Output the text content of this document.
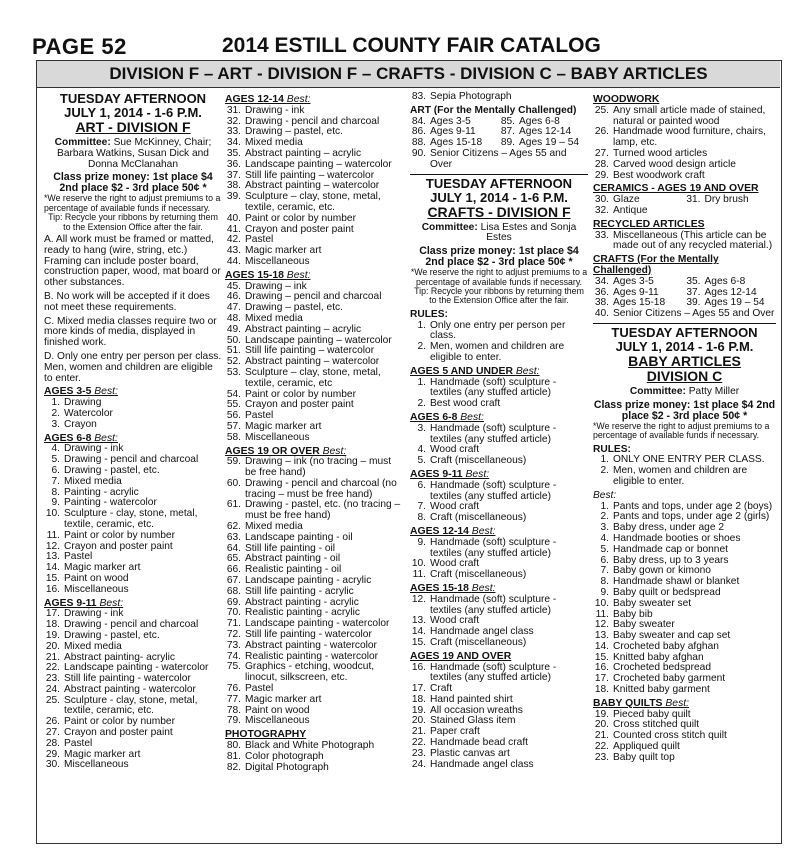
PAGE 52	2014 ESTILL COUNTY FAIR CATALOG
DIVISION F – ART - DIVISION F – CRAFTS - DIVISION C – BABY ARTICLES
TUESDAY AFTERNOON
JULY 1, 2014 - 1-6 P.M.
ART - DIVISION F
Committee: Sue McKinney, Chair; Barbara Watkins, Susan Dick and Donna McClanahan
Class prize money: 1st place $4 2nd place $2 - 3rd place 50¢ *
*We reserve the right to adjust premiums to a percentage of available funds if necessary.
Tip: Recycle your ribbons by returning them to the Extension Office after the fair.
A. All work must be framed or matted, ready to hang (wire, string, etc.) Framing can include poster board, construction paper, wood, mat board or other substances.
B. No work will be accepted if it does not meet these requirements.
C. Mixed media classes require two or more kinds of media, displayed in finished work.
D. Only one entry per person per class. Men, women and children are eligible to enter.
AGES 3-5 Best:
1. Drawing
2. Watercolor
3. Crayon
AGES 6-8 Best:
4. Drawing - ink
5. Drawing - pencil and charcoal
6. Drawing - pastel, etc.
7. Mixed media
8. Painting - acrylic
9. Painting - watercolor
10. Sculpture - clay, stone, metal, textile, ceramic, etc.
11. Paint or color by number
12. Crayon and poster paint
13. Pastel
14. Magic marker art
15. Paint on wood
16. Miscellaneous
AGES 9-11 Best:
17. Drawing - ink
18. Drawing - pencil and charcoal
19. Drawing - pastel, etc.
20. Mixed media
21. Abstract painting- acrylic
22. Landscape painting - watercolor
23. Still life painting - watercolor
24. Abstract painting - watercolor
25. Sculpture - clay, stone, metal, textile, ceramic, etc.
26. Paint or color by number
27. Crayon and poster paint
28. Pastel
29. Magic marker art
30. Miscellaneous
AGES 12-14 Best:
31. Drawing - ink
32. Drawing - pencil and charcoal
33. Drawing – pastel, etc.
34. Mixed media
35. Abstract painting – acrylic
36. Landscape painting – watercolor
37. Still life painting – watercolor
38. Abstract painting – watercolor
39. Sculpture – clay, stone, metal, textile, ceramic, etc.
40. Paint or color by number
41. Crayon and poster paint
42. Pastel
43. Magic marker art
44. Miscellaneous
AGES 15-18 Best:
45. Drawing – ink
46. Drawing – pencil and charcoal
47. Drawing – pastel, etc.
48. Mixed media
49. Abstract painting – acrylic
50. Landscape painting – watercolor
51. Still life painting – watercolor
52. Abstract painting – watercolor
53. Sculpture – clay, stone, metal, textile, ceramic, etc
54. Paint or color by number
55. Crayon and poster paint
56. Pastel
57. Magic marker art
58. Miscellaneous
AGES 19 OR OVER Best:
59. Drawing – ink (no tracing – must be free hand)
60. Drawing - pencil and charcoal (no tracing – must be free hand)
61. Drawing - pastel, etc. (no tracing – must be free hand)
62. Mixed media
63. Landscape painting - oil
64. Still life painting - oil
65. Abstract painting - oil
66. Realistic painting - oil
67. Landscape painting - acrylic
68. Still life painting - acrylic
69. Abstract painting - acrylic
70. Realistic painting - acrylic
71. Landscape painting - watercolor
72. Still life painting - watercolor
73. Abstract painting - watercolor
74. Realistic painting - watercolor
75. Graphics - etching, woodcut, linocut, silkscreen, etc.
76. Pastel
77. Magic marker art
78. Paint on wood
79. Miscellaneous
PHOTOGRAPHY
80. Black and White Photograph
81. Color photograph
82. Digital Photograph
83. Sepia Photograph
ART (For the Mentally Challenged)
84. Ages 3-5	85. Ages 6-8
86. Ages 9-11 87. Ages 12-14
88. Ages 15-18 89. Ages 19 – 54
90. Senior Citizens – Ages 55 and Over
TUESDAY AFTERNOON
JULY 1, 2014 - 1-6 P.M.
CRAFTS - DIVISION F
Committee: Lisa Estes and Sonja Estes
Class prize money: 1st place $4 2nd place $2 - 3rd place 50¢ *
*We reserve the right to adjust premiums to a percentage of available funds if necessary.
Tip: Recycle your ribbons by returning them to the Extension Office after the fair.
RULES:
1. Only one entry per person per class.
2. Men, women and children are eligible to enter.
AGES 5 AND UNDER Best:
1. Handmade (soft) sculpture - textiles (any stuffed article)
2. Best wood craft
AGES 6-8 Best:
3. Handmade (soft) sculpture - textiles (any stuffed article)
4. Wood craft
5. Craft (miscellaneous)
AGES 9-11 Best:
6. Handmade (soft) sculpture - textiles (any stuffed article)
7. Wood craft
8. Craft (miscellaneous)
AGES 12-14 Best:
9. Handmade (soft) sculpture - textiles (any stuffed article)
10. Wood craft
11. Craft (miscellaneous)
AGES 15-18 Best:
12. Handmade (soft) sculpture - textiles (any stuffed article)
13. Wood craft
14. Handmade angel class
15. Craft (miscellaneous)
AGES 19 AND OVER
16. Handmade (soft) sculpture - textiles (any stuffed article)
17. Craft
18. Hand painted shirt
19. All occasion wreaths
20. Stained Glass item
21. Paper craft
22. Handmade bead craft
23. Plastic canvas art
24. Handmade angel class
WOODWORK
25. Any small article made of stained, natural or painted wood
26. Handmade wood furniture, chairs, lamp, etc.
27. Turned wood articles
28. Carved wood design article
29. Best woodwork craft
CERAMICS - AGES 19 AND OVER
30. Glaze	31. Dry brush
32. Antique
RECYCLED ARTICLES
33. Miscellaneous (This article can be made out of any recycled material.)
CRAFTS (For the Mentally Challenged)
34. Ages 3-5	35. Ages 6-8
36. Ages 9-11	37. Ages 12-14
38. Ages 15-18 39. Ages 19 – 54
40. Senior Citizens – Ages 55 and Over
TUESDAY AFTERNOON
JULY 1, 2014 - 1-6 P.M.
BABY ARTICLES
DIVISION C
Committee: Patty Miller
Class prize money: 1st place $4 2nd place $2 - 3rd place 50¢ *
*We reserve the right to adjust premiums to a percentage of available funds if necessary.
RULES:
1. ONLY ONE ENTRY PER CLASS.
2. Men, women and children are eligible to enter.
Best:
1. Pants and tops, under age 2 (boys)
2. Pants and tops, under age 2 (girls)
3. Baby dress, under age 2
4. Handmade booties or shoes
5. Handmade cap or bonnet
6. Baby dress, up to 3 years
7. Baby gown or kimono
8. Handmade shawl or blanket
9. Baby quilt or bedspread
10. Baby sweater set
11. Baby bib
12. Baby sweater
13. Baby sweater and cap set
14. Crocheted baby afghan
15. Knitted baby afghan
16. Crocheted bedspread
17. Crocheted baby garment
18. Knitted baby garment
BABY QUILTS Best:
19. Pieced baby quilt
20. Cross stitched quilt
21. Counted cross stitch quilt
22. Appliqued quilt
23. Baby quilt top
